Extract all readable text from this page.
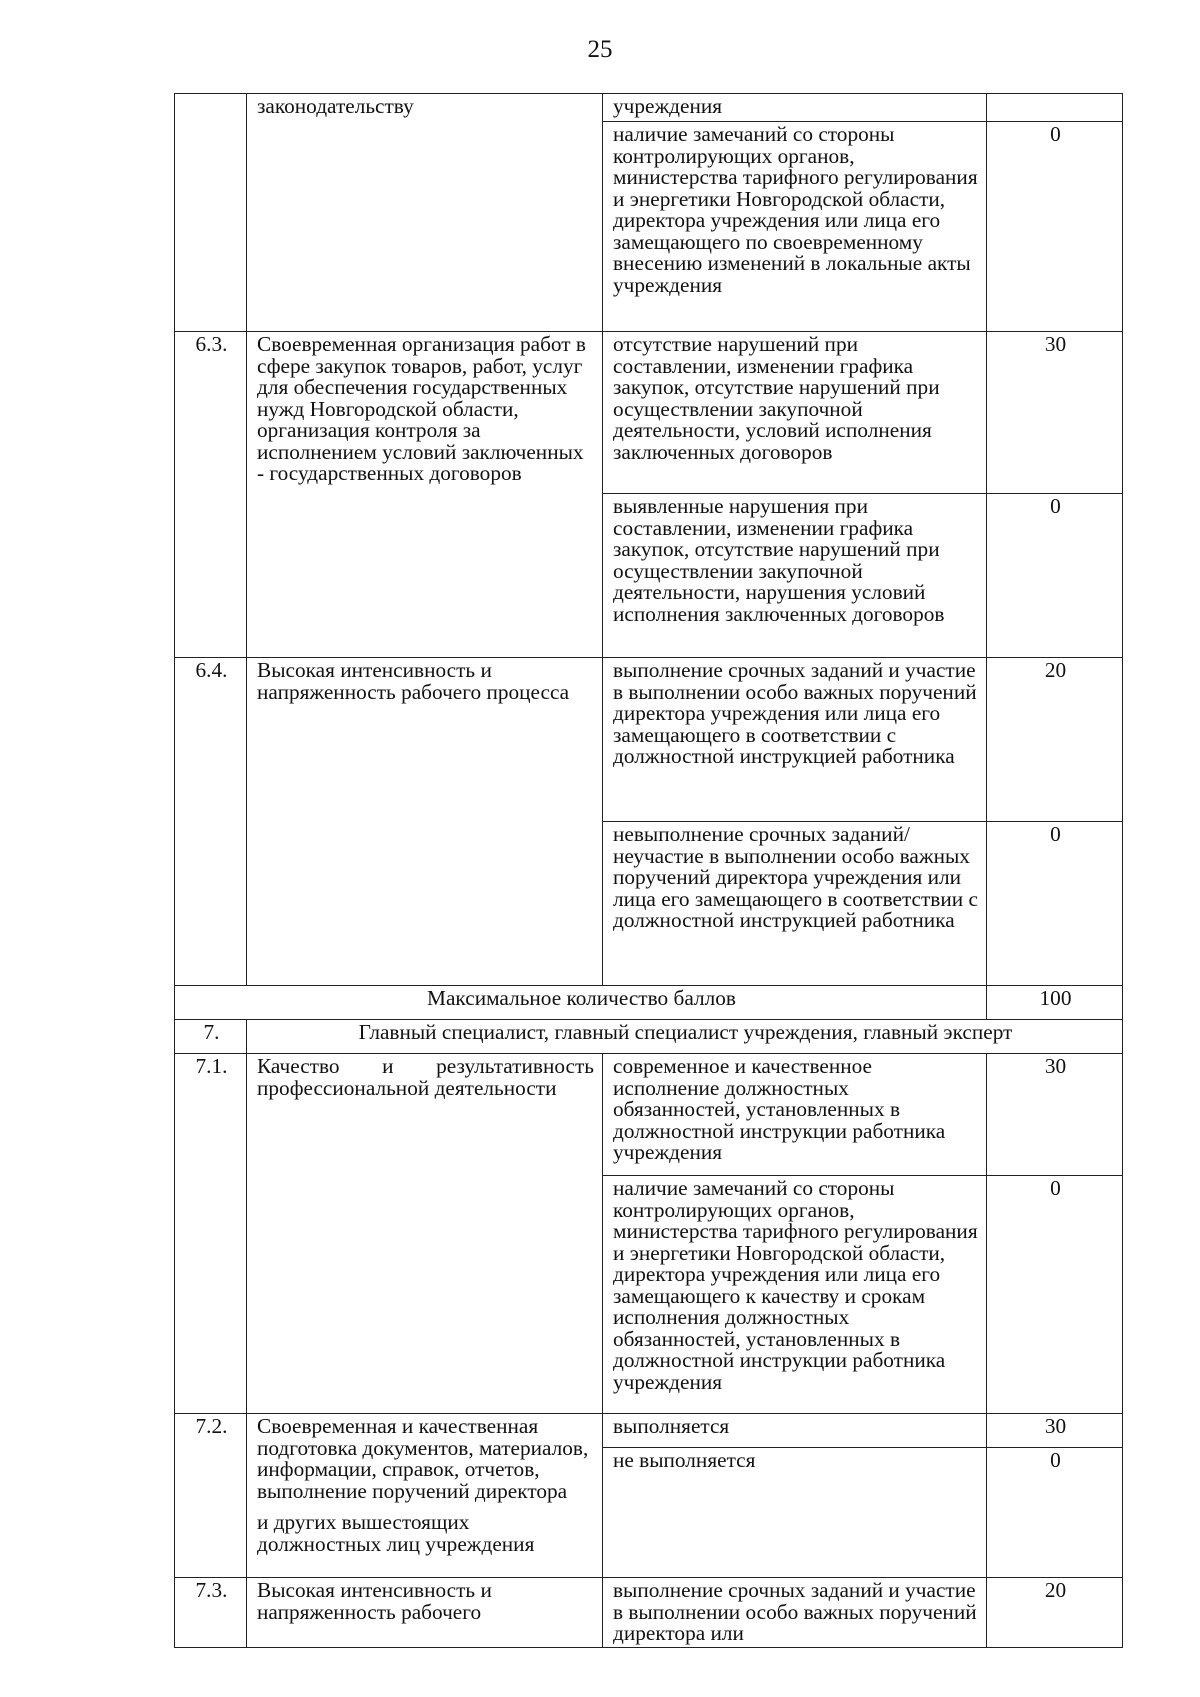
25
	законодательству	учреждения	
		наличие замечаний со стороны контролирующих органов, министерства тарифного регулирования и энергетики Новгородской области, директора учреждения или лица его замещающего по своевременному внесению изменений в локальные акты учреждения	0
6.3.	Своевременная организация работ в сфере закупок товаров, работ, услуг для обеспечения государственных нужд Новгородской области, организация контроля за исполнением условий заключенных - государственных договоров	отсутствие нарушений при составлении, изменении графика закупок, отсутствие нарушений при осуществлении закупочной деятельности, условий исполнения заключенных договоров	30
		выявленные нарушения при составлении, изменении графика закупок, отсутствие нарушений при осуществлении закупочной деятельности, нарушения условий исполнения заключенных договоров	0
6.4.	Высокая интенсивность и напряженность рабочего процесса	выполнение срочных заданий и участие в выполнении особо важных поручений директора учреждения или лица его замещающего в соответствии с должностной инструкцией работника	20
		невыполнение срочных заданий/ неучастие в выполнении особо важных поручений директора учреждения или лица его замещающего в соответствии с должностной инструкцией работника	0
Максимальное количество баллов			100
7.	Главный специалист, главный специалист учреждения, главный эксперт		
7.1.	Качество и результативность профессиональной деятельности	современное и качественное исполнение должностных обязанностей, установленных в должностной инструкции работника учреждения	30
		наличие замечаний со стороны контролирующих органов, министерства тарифного регулирования и энергетики Новгородской области, директора учреждения или лица его замещающего к качеству и срокам исполнения должностных обязанностей, установленных в должностной инструкции работника учреждения	0
7.2.	Своевременная и качественная подготовка документов, материалов, информации, справок, отчетов, выполнение поручений директора
и других вышестоящих должностных лиц учреждения	выполняется	30
		не выполняется	0
7.3.	Высокая интенсивность и напряженность рабочего	выполнение срочных заданий и участие в выполнении особо важных поручений директора или	20
